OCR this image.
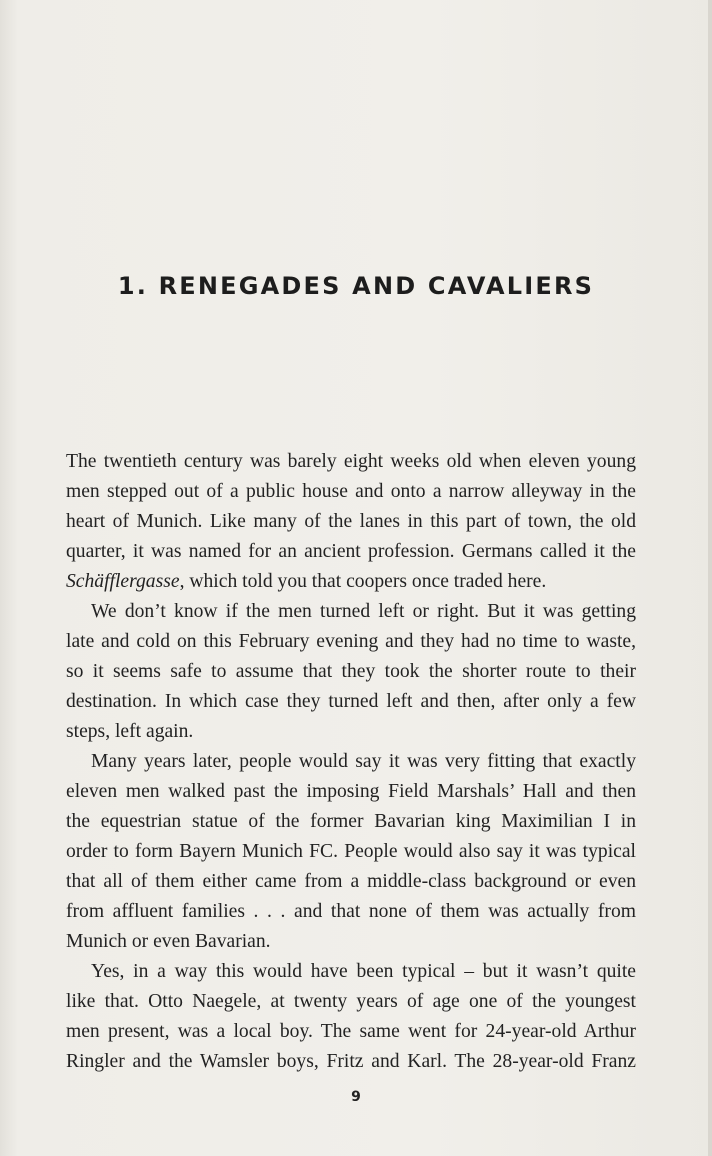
1. RENEGADES AND CAVALIERS
The twentieth century was barely eight weeks old when eleven young
men stepped out of a public house and onto a narrow alleyway in the
heart of Munich. Like many of the lanes in this part of town, the old
quarter, it was named for an ancient profession. Germans called it the
Schäfflergasse, which told you that coopers once traded here.
We don’t know if the men turned left or right. But it was getting
late and cold on this February evening and they had no time to waste,
so it seems safe to assume that they took the shorter route to their
destination. In which case they turned left and then, after only a few
steps, left again.
Many years later, people would say it was very fitting that exactly
eleven men walked past the imposing Field Marshals’ Hall and then
the equestrian statue of the former Bavarian king Maximilian I in
order to form Bayern Munich FC. People would also say it was typical
that all of them either came from a middle-class background or even
from affluent families . . . and that none of them was actually from
Munich or even Bavarian.
Yes, in a way this would have been typical – but it wasn’t quite
like that. Otto Naegele, at twenty years of age one of the youngest
men present, was a local boy. The same went for 24-year-old Arthur
Ringler and the Wamsler boys, Fritz and Karl. The 28-year-old Franz
9
